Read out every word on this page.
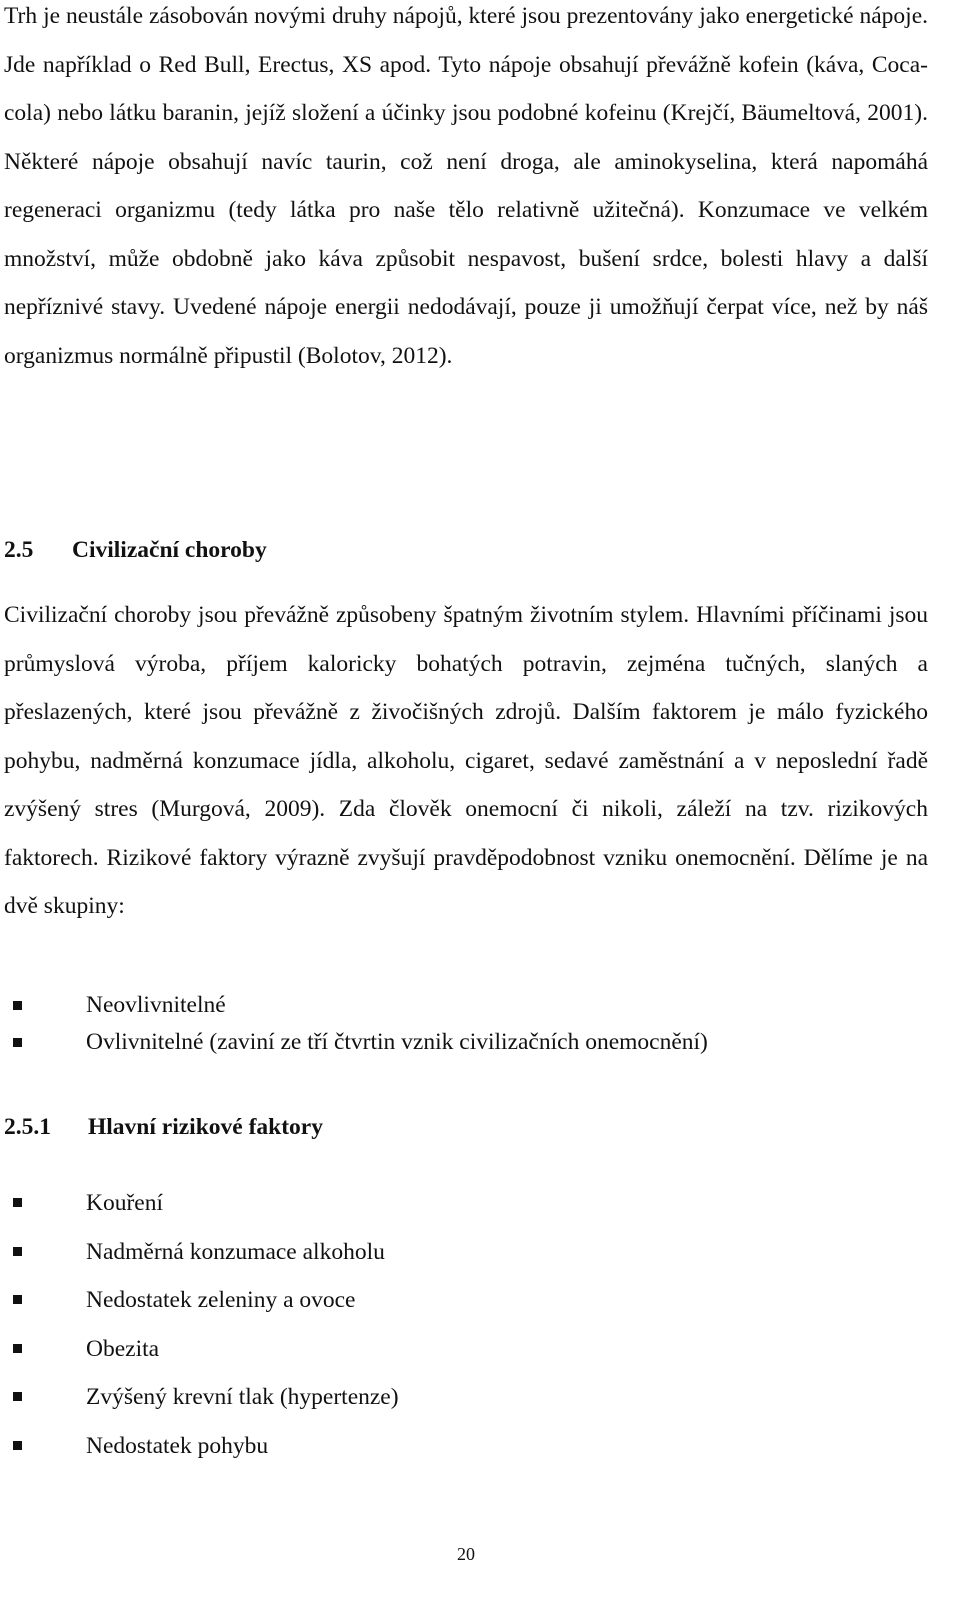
Trh je neustále zásobován novými druhy nápojů, které jsou prezentovány jako energetické nápoje. Jde například o Red Bull, Erectus, XS apod. Tyto nápoje obsahují převážně kofein (káva, Coca-cola) nebo látku baranin, jejíž složení a účinky jsou podobné kofeinu (Krejčí, Bäumeltová, 2001). Některé nápoje obsahují navíc taurin, což není droga, ale aminokyselina, která napomáhá regeneraci organizmu (tedy látka pro naše tělo relativně užitečná). Konzumace ve velkém množství, může obdobně jako káva způsobit nespavost, bušení srdce, bolesti hlavy a další nepříznivé stavy. Uvedené nápoje energii nedodávají, pouze ji umožňují čerpat více, než by náš organizmus normálně připustil (Bolotov, 2012).

2.5 Civilizační choroby

Civilizační choroby jsou převážně způsobeny špatným životním stylem. Hlavními příčinami jsou průmyslová výroba, příjem kaloricky bohatých potravin, zejména tučných, slaných a přeslazených, které jsou převážně z živočišných zdrojů. Dalším faktorem je málo fyzického pohybu, nadměrná konzumace jídla, alkoholu, cigaret, sedavé zaměstnání a v neposlední řadě zvýšený stres (Murgová, 2009). Zda člověk onemocní či nikoli, záleží na tzv. rizikových faktorech. Rizikové faktory výrazně zvyšují pravděpodobnost vzniku onemocnění. Dělíme je na dvě skupiny:

Neovlivnitelné
Ovlivnitelné (zaviní ze tří čtvrtin vznik civilizačních onemocnění)
2.5.1 Hlavní rizikové faktory
Kouření
Nadměrná konzumace alkoholu
Nedostatek zeleniny a ovoce
Obezita
Zvýšený krevní tlak (hypertenze)
Nedostatek pohybu
20
